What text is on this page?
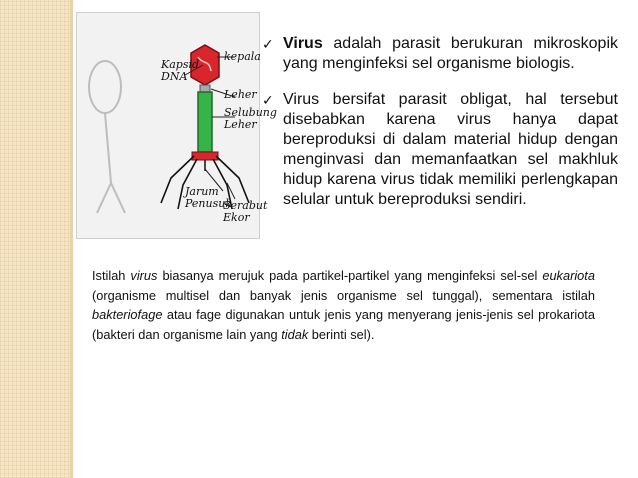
Kapsid
DNA
kepala
Leher
Selubung
Leher
Jarum
Penusuk
Serabut
Ekor
✓ Virus adalah parasit berukuran mikroskopik yang menginfeksi sel organisme biologis.
✓ Virus bersifat parasit obligat, hal tersebut disebabkan karena virus hanya dapat bereproduksi di dalam material hidup dengan menginvasi dan memanfaatkan sel makhluk hidup karena virus tidak memiliki perlengkapan selular untuk bereproduksi sendiri.
Istilah virus biasanya merujuk pada partikel-partikel yang menginfeksi sel-sel eukariota (organisme multisel dan banyak jenis organisme sel tunggal), sementara istilah bakteriofage atau fage digunakan untuk jenis yang menyerang jenis-jenis sel prokariota (bakteri dan organisme lain yang tidak berinti sel).
